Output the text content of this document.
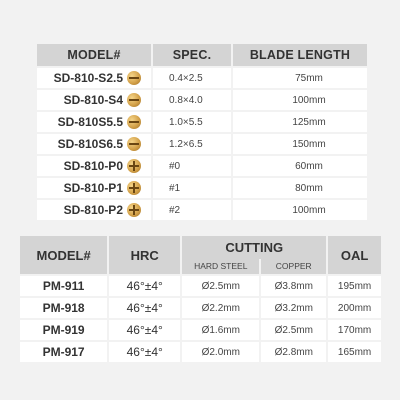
MODEL#		SPEC.	BLADE LENGTH
SD-810-S2.5		0.4×2.5	75mm
SD-810-S4		0.8×4.0	100mm
SD-810S5.5		1.0×5.5	125mm
SD-810S6.5		1.2×6.5	150mm
SD-810-P0		#0	60mm
SD-810-P1		#1	80mm
SD-810-P2		#2	100mm
MODEL#	HRC	CUTTING		OAL
		HARD STEEL	COPPER	
PM-911	46°±4°	Ø2.5mm	Ø3.8mm	195mm
PM-918	46°±4°	Ø2.2mm	Ø3.2mm	200mm
PM-919	46°±4°	Ø1.6mm	Ø2.5mm	170mm
PM-917	46°±4°	Ø2.0mm	Ø2.8mm	165mm
